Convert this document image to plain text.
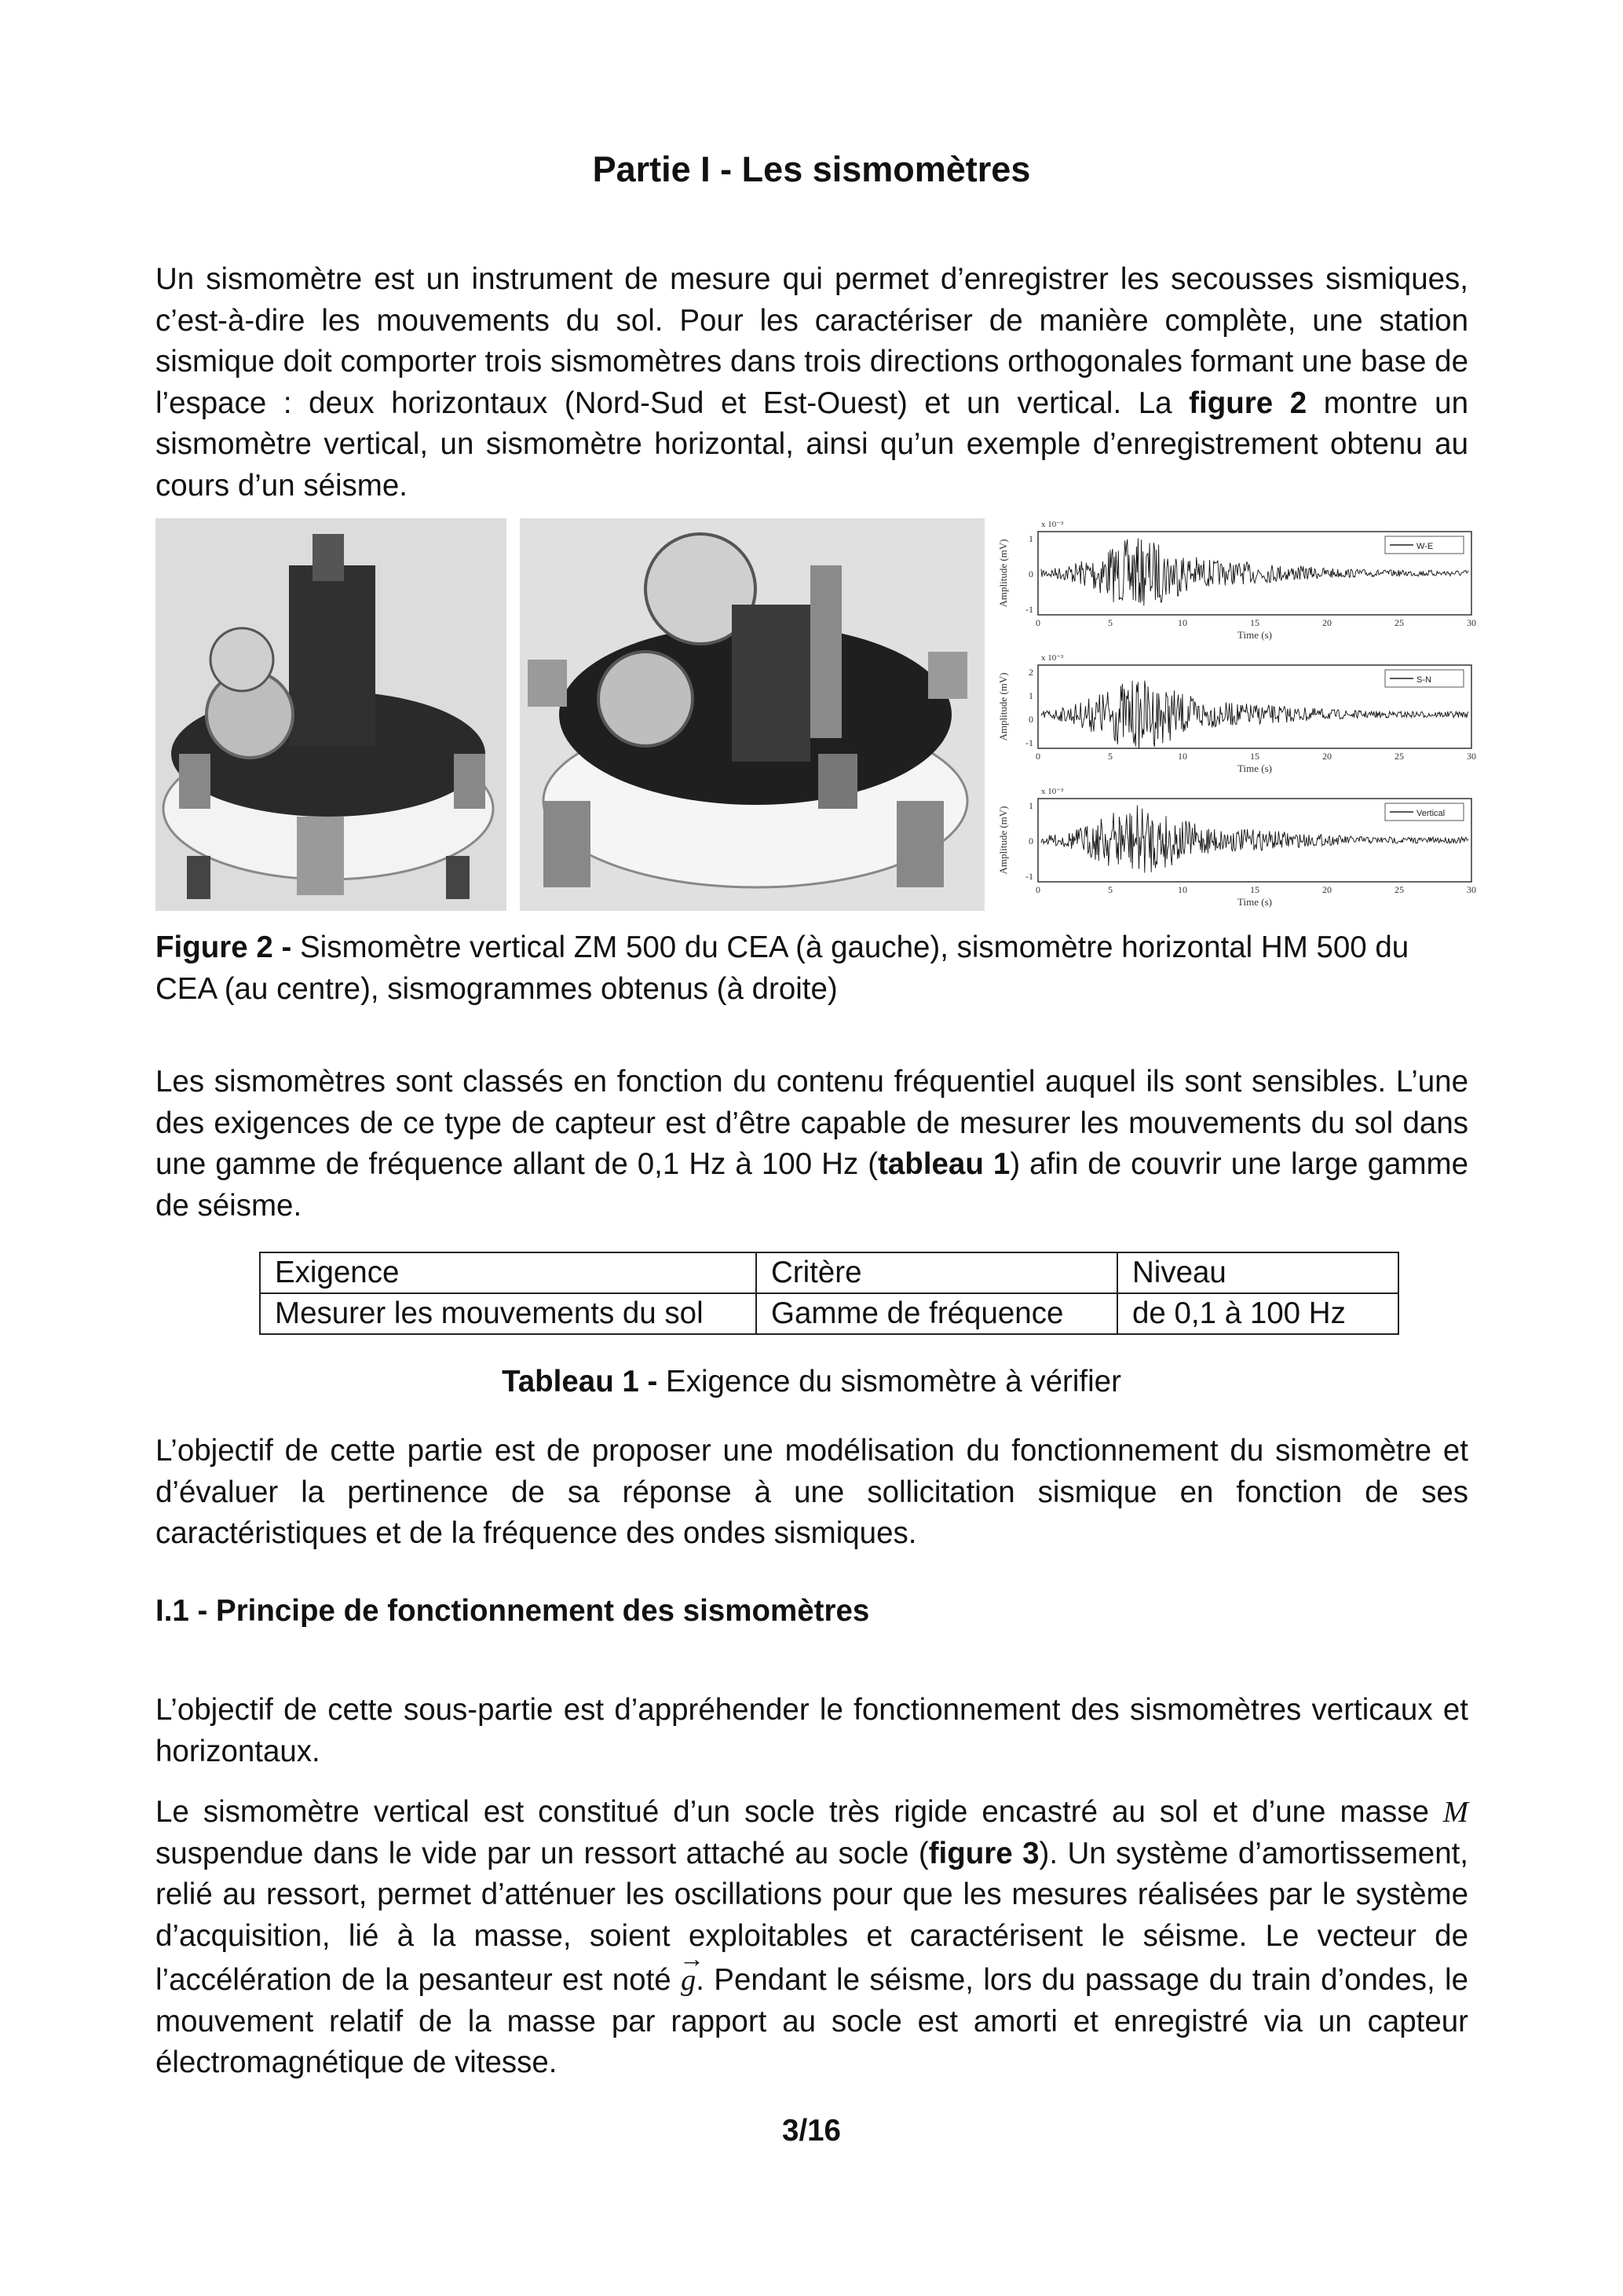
Partie I - Les sismomètres

Un sismomètre est un instrument de mesure qui permet d’enregistrer les secousses sismiques, c’est-à-dire les mouvements du sol. Pour les caractériser de manière complète, une station sismique doit comporter trois sismomètres dans trois directions orthogonales formant une base de l’espace : deux horizontaux (Nord-Sud et Est-Ouest) et un vertical. La figure 2 montre un sismomètre vertical, un sismomètre horizontal, ainsi qu’un exemple d’enregistrement obtenu au cours d’un séisme.

1
0
-1
x 10⁻³
Amplitude (mV)
0	5	10	15	20	25	30
Time (s)
W-E
2
1
0
-1
x 10⁻³
Amplitude (mV)
0	5	10	15	20	25	30
Time (s)
S-N
1
0
-1
x 10⁻³
Amplitude (mV)
0	5	10	15	20	25	30
Time (s)
Vertical

Figure 2 - Sismomètre vertical ZM 500 du CEA (à gauche), sismomètre horizontal HM 500 du CEA (au centre), sismogrammes obtenus (à droite)

Les sismomètres sont classés en fonction du contenu fréquentiel auquel ils sont sensibles. L’une des exigences de ce type de capteur est d’être capable de mesurer les mouvements du sol dans une gamme de fréquence allant de 0,1 Hz à 100 Hz (tableau 1) afin de couvrir une large gamme de séisme.

Exigence	Critère	Niveau
Mesurer les mouvements du sol	Gamme de fréquence	de 0,1 à 100 Hz

Tableau 1 - Exigence du sismomètre à vérifier

L’objectif de cette partie est de proposer une modélisation du fonctionnement du sismomètre et d’évaluer la pertinence de sa réponse à une sollicitation sismique en fonction de ses caractéristiques et de la fréquence des ondes sismiques.

I.1 - Principe de fonctionnement des sismomètres

L’objectif de cette sous-partie est d’appréhender le fonctionnement des sismomètres verticaux et horizontaux.

Le sismomètre vertical est constitué d’un socle très rigide encastré au sol et d’une masse M suspendue dans le vide par un ressort attaché au socle (figure 3). Un système d’amortissement, relié au ressort, permet d’atténuer les oscillations pour que les mesures réalisées par le système d’acquisition, lié à la masse, soient exploitables et caractérisent le séisme. Le vecteur de l’accélération de la pesanteur est noté → g. Pendant le séisme, lors du passage du train d’ondes, le mouvement relatif de la masse par rapport au socle est amorti et enregistré via un capteur électromagnétique de vitesse.

3/16
